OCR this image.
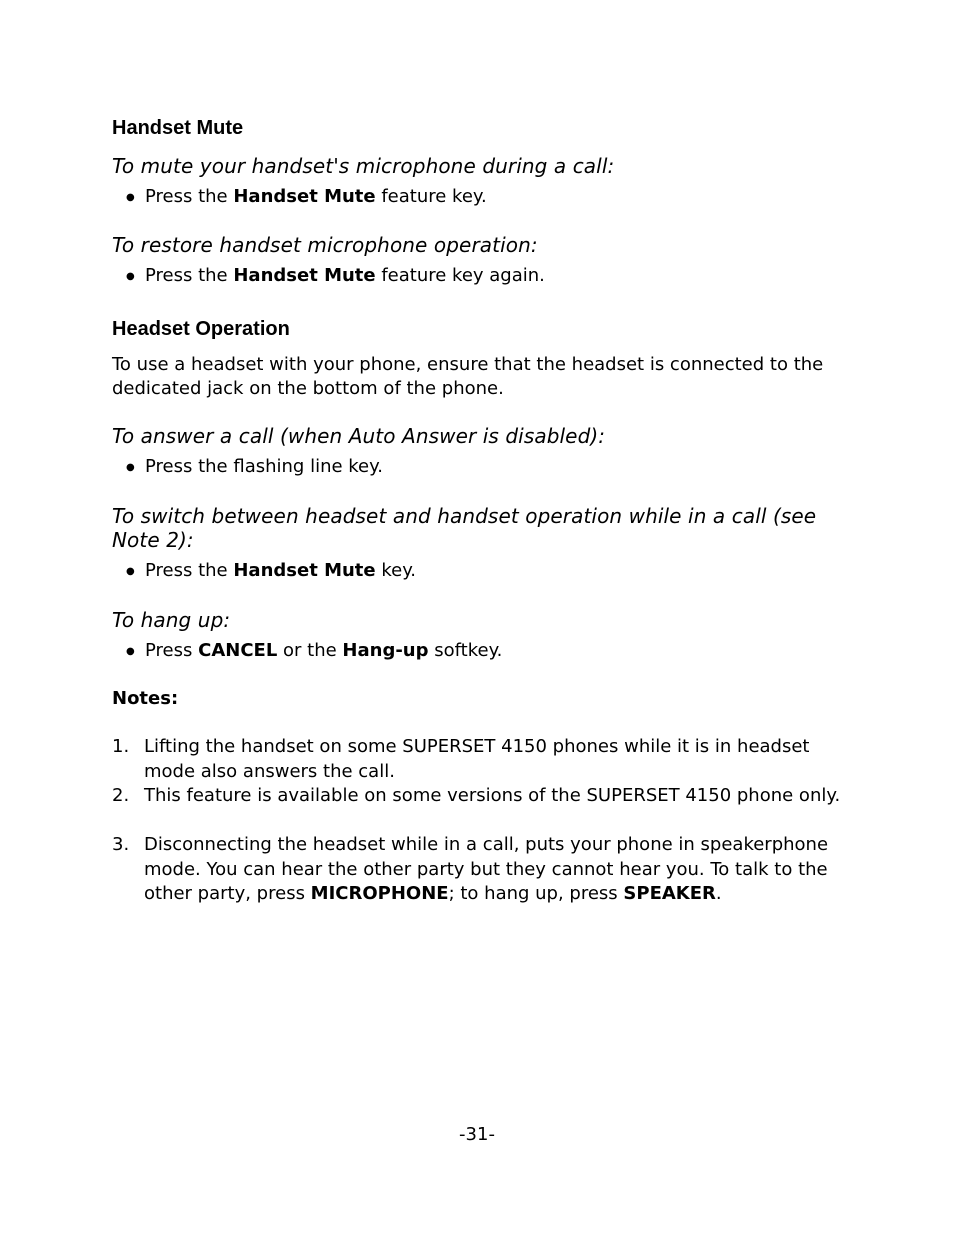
Handset Mute

To mute your handset's microphone during a call:

● Press the Handset Mute feature key.

To restore handset microphone operation:

● Press the Handset Mute feature key again.
Headset Operation

To use a headset with your phone, ensure that the headset is connected to the dedicated jack on the bottom of the phone.

To answer a call (when Auto Answer is disabled):

● Press the flashing line key.

To switch between headset and handset operation while in a call (see Note 2):

● Press the Handset Mute key.

To hang up:

● Press CANCEL or the Hang-up softkey.

Notes:

1. Lifting the handset on some SUPERSET 4150 phones while it is in headset mode also answers the call.
2. This feature is available on some versions of the SUPERSET 4150 phone only.
3. Disconnecting the headset while in a call, puts your phone in speakerphone mode. You can hear the other party but they cannot hear you. To talk to the other party, press MICROPHONE; to hang up, press SPEAKER.
-31-
